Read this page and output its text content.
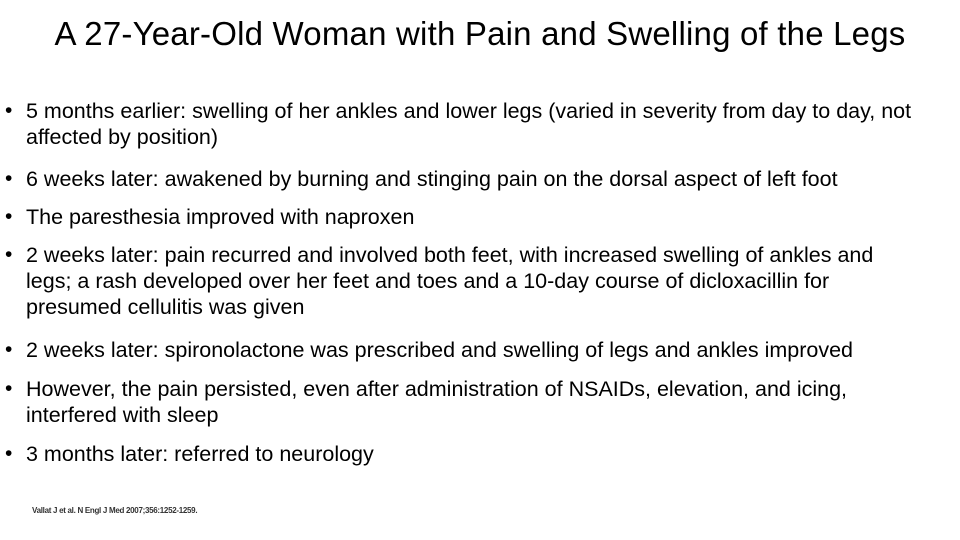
A 27-Year-Old Woman with Pain and Swelling of the Legs
• 5 months earlier: swelling of her ankles and lower legs (varied in severity from day to day, not affected by position)
• 6 weeks later: awakened by burning and stinging pain on the dorsal aspect of left foot
• The paresthesia improved with naproxen
• 2 weeks later: pain recurred and involved both feet, with increased swelling of ankles and legs; a rash developed over her feet and toes and a 10-day course of dicloxacillin for presumed cellulitis was given
• 2 weeks later: spironolactone was prescribed and swelling of legs and ankles improved
• However, the pain persisted, even after administration of NSAIDs, elevation, and icing, interfered with sleep
• 3 months later: referred to neurology
Vallat J et al. N Engl J Med 2007;356:1252-1259.
